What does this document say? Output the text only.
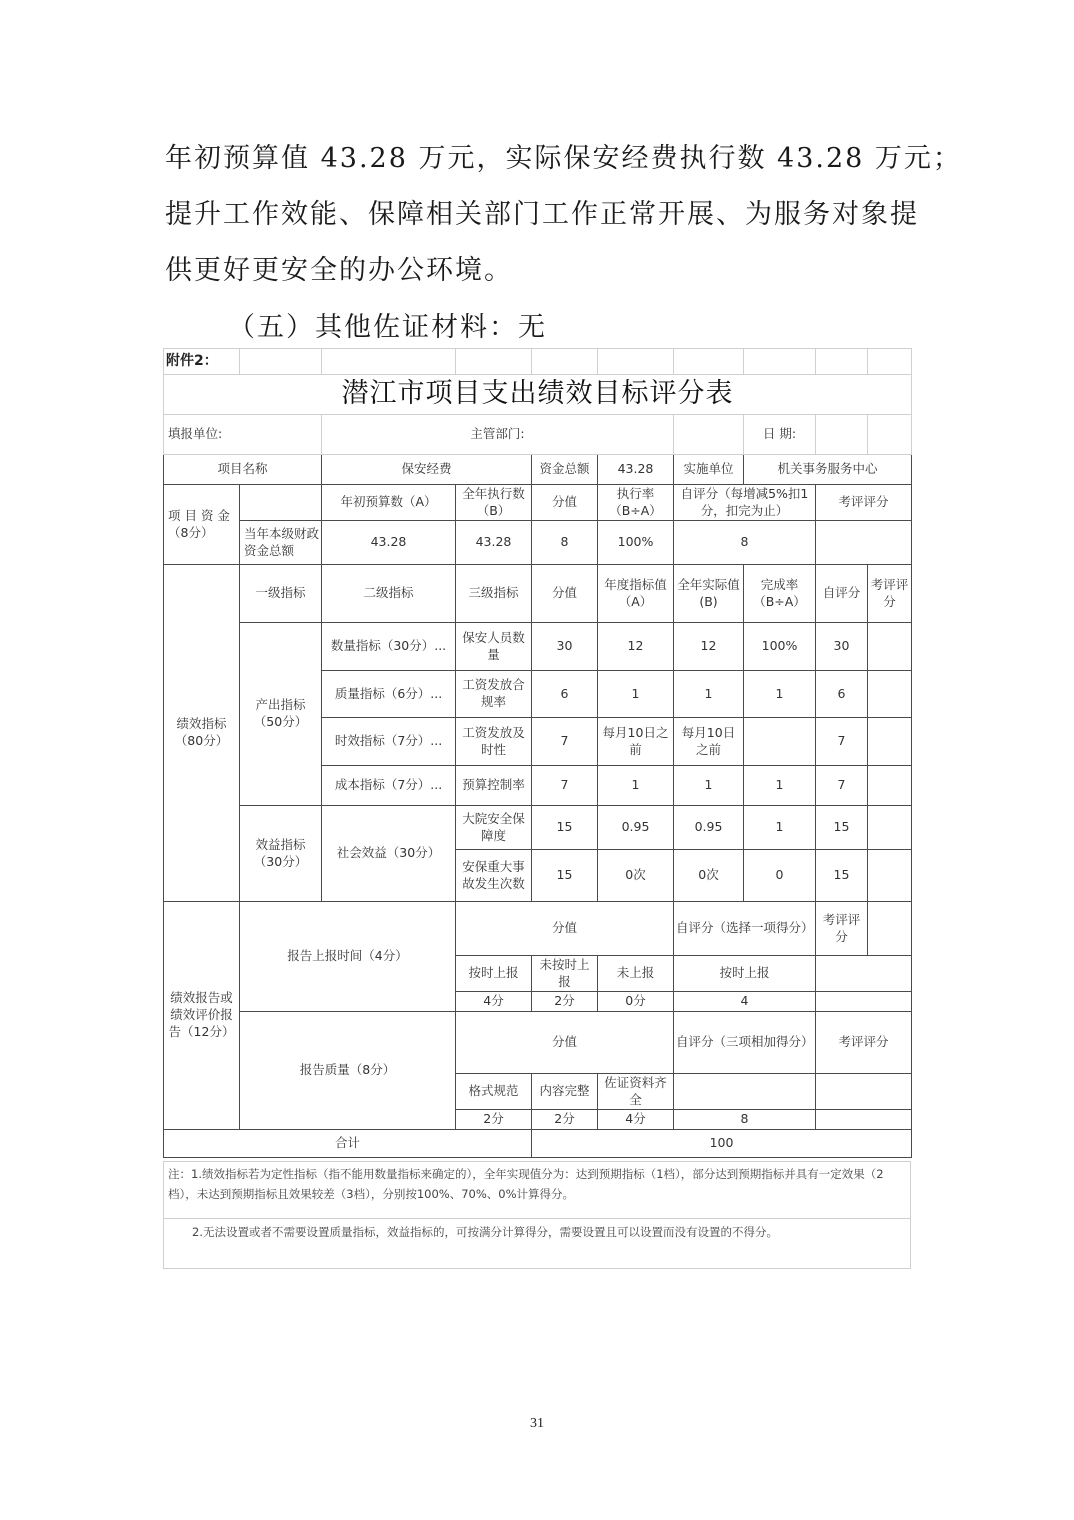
年初预算值 43.28 万元，实际保安经费执行数 43.28 万元；
提升工作效能、保障相关部门工作正常开展、为服务对象提
供更好更安全的办公环境。
（五）其他佐证材料：无
附件2：									
潜江市项目支出绩效目标评分表									
填报单位:		主管部门:					日 期:		
项目名称		保安经费		资金总额	43.28	实施单位	机关事务服务中心		
项 目 资 金 （8分）		年初预算数（A）	全年执行数（B）	分值	执行率（B÷A）	自评分（每增减5%扣1分，扣完为止）		考评评分	
	当年本级财政资金总额	43.28	43.28	8	100%	8			
绩效指标（80分）	一级指标	二级指标	三级指标	分值	年度指标值（A）	全年实际值(B)	完成率（B÷A）	自评分	考评评分
	产出指标（50分）	数量指标（30分）...	保安人员数量	30	12	12	100%	30	
		质量指标（6分）...	工资发放合规率	6	1	1	1	6	
		时效指标（7分）...	工资发放及时性	7	每月10日之前	每月10日之前		7	
		成本指标（7分）...	预算控制率	7	1	1	1	7	
	效益指标（30分）	社会效益（30分）	大院安全保障度	15	0.95	0.95	1	15	
			安保重大事故发生次数	15	0次	0次	0	15	
绩效报告或绩效评价报告（12分）	报告上报时间（4分）		分值			自评分（选择一项得分）		考评评分	
			按时上报	未按时上报	未上报	按时上报			
			4分	2分	0分	4			
	报告质量（8分）		分值			自评分（三项相加得分）		考评评分	
			格式规范	内容完整	佐证资料齐全				
			2分	2分	4分	8			
合计				100					
注：1.绩效指标若为定性指标（指不能用数量指标来确定的），全年实现值分为：达到预期指标（1档），部分达到预期指标并具有一定效果（2档），未达到预期指标且效果较差（3档），分别按100%、70%、0%计算得分。
2.无法设置或者不需要设置质量指标，效益指标的，可按满分计算得分，需要设置且可以设置而没有设置的不得分。
31
